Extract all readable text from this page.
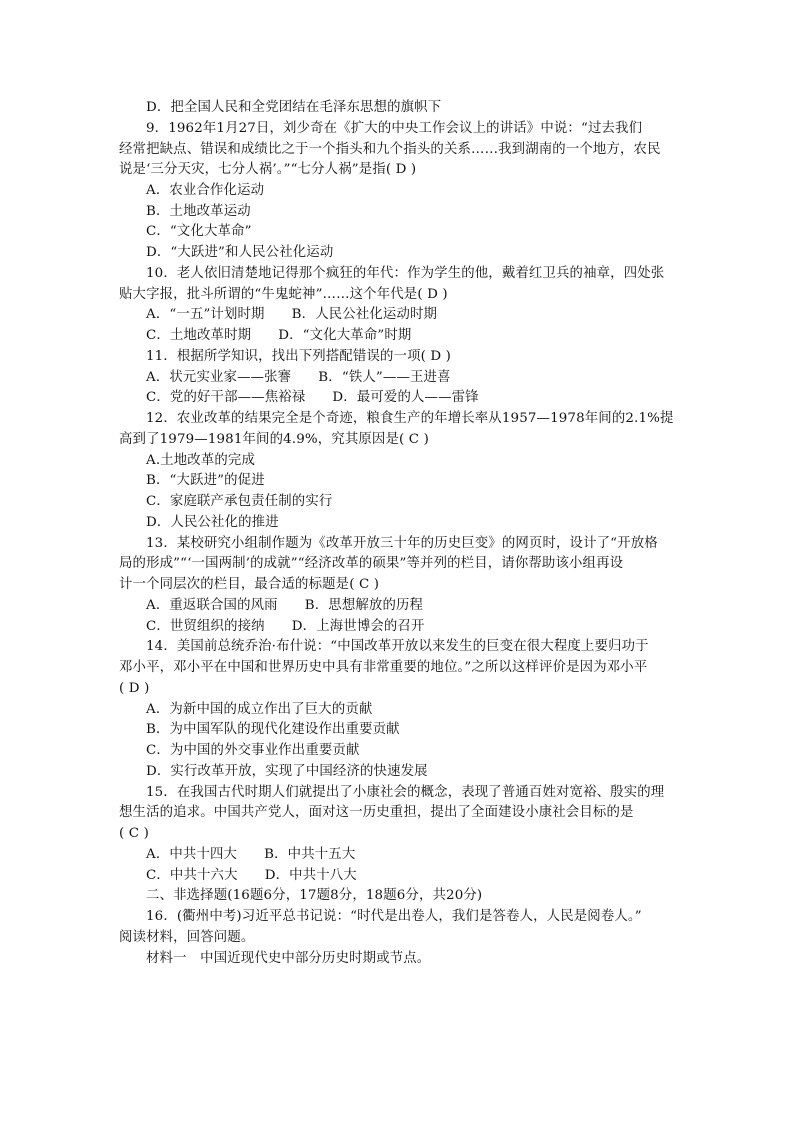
D．把全国人民和全党团结在毛泽东思想的旗帜下
9．1962年1月27日，刘少奇在《扩大的中央工作会议上的讲话》中说：“过去我们
经常把缺点、错误和成绩比之于一个指头和九个指头的关系……我到湖南的一个地方，农民
说是‘三分天灾，七分人祸’。”“七分人祸”是指( D )
A．农业合作化运动
B．土地改革运动
C．“文化大革命”
D．“大跃进”和人民公社化运动
10．老人依旧清楚地记得那个疯狂的年代：作为学生的他，戴着红卫兵的袖章，四处张
贴大字报，批斗所谓的“牛鬼蛇神”……这个年代是( D )
A．“一五”计划时期　　B．人民公社化运动时期
C．土地改革时期　　D．“文化大革命”时期
11．根据所学知识，找出下列搭配错误的一项( D )
A．状元实业家——张謇　　B．“铁人”——王进喜
C．党的好干部——焦裕禄　　D．最可爱的人——雷锋
12．农业改革的结果完全是个奇迹，粮食生产的年增长率从1957—1978年间的2.1%提
高到了1979—1981年间的4.9%，究其原因是( C )
A.土地改革的完成
B．“大跃进”的促进
C．家庭联产承包责任制的实行
D．人民公社化的推进
13．某校研究小组制作题为《改革开放三十年的历史巨变》的网页时，设计了“开放格
局的形成”“‘一国两制’的成就”“经济改革的硕果”等并列的栏目，请你帮助该小组再设
计一个同层次的栏目，最合适的标题是( C )
A．重返联合国的风雨　　B．思想解放的历程
C．世贸组织的接纳　　D．上海世博会的召开
14．美国前总统乔治·布什说：“中国改革开放以来发生的巨变在很大程度上要归功于
邓小平，邓小平在中国和世界历史中具有非常重要的地位。”之所以这样评价是因为邓小平
( D )
A．为新中国的成立作出了巨大的贡献
B．为中国军队的现代化建设作出重要贡献
C．为中国的外交事业作出重要贡献
D．实行改革开放，实现了中国经济的快速发展
15．在我国古代时期人们就提出了小康社会的概念，表现了普通百姓对宽裕、殷实的理
想生活的追求。中国共产党人，面对这一历史重担，提出了全面建设小康社会目标的是
( C )
A．中共十四大　　B．中共十五大
C．中共十六大　　D．中共十八大
二、非选择题(16题6分，17题8分，18题6分，共20分)
16．(衢州中考)习近平总书记说：“时代是出卷人，我们是答卷人，人民是阅卷人。”
阅读材料，回答问题。
材料一　中国近现代史中部分历史时期或节点。
